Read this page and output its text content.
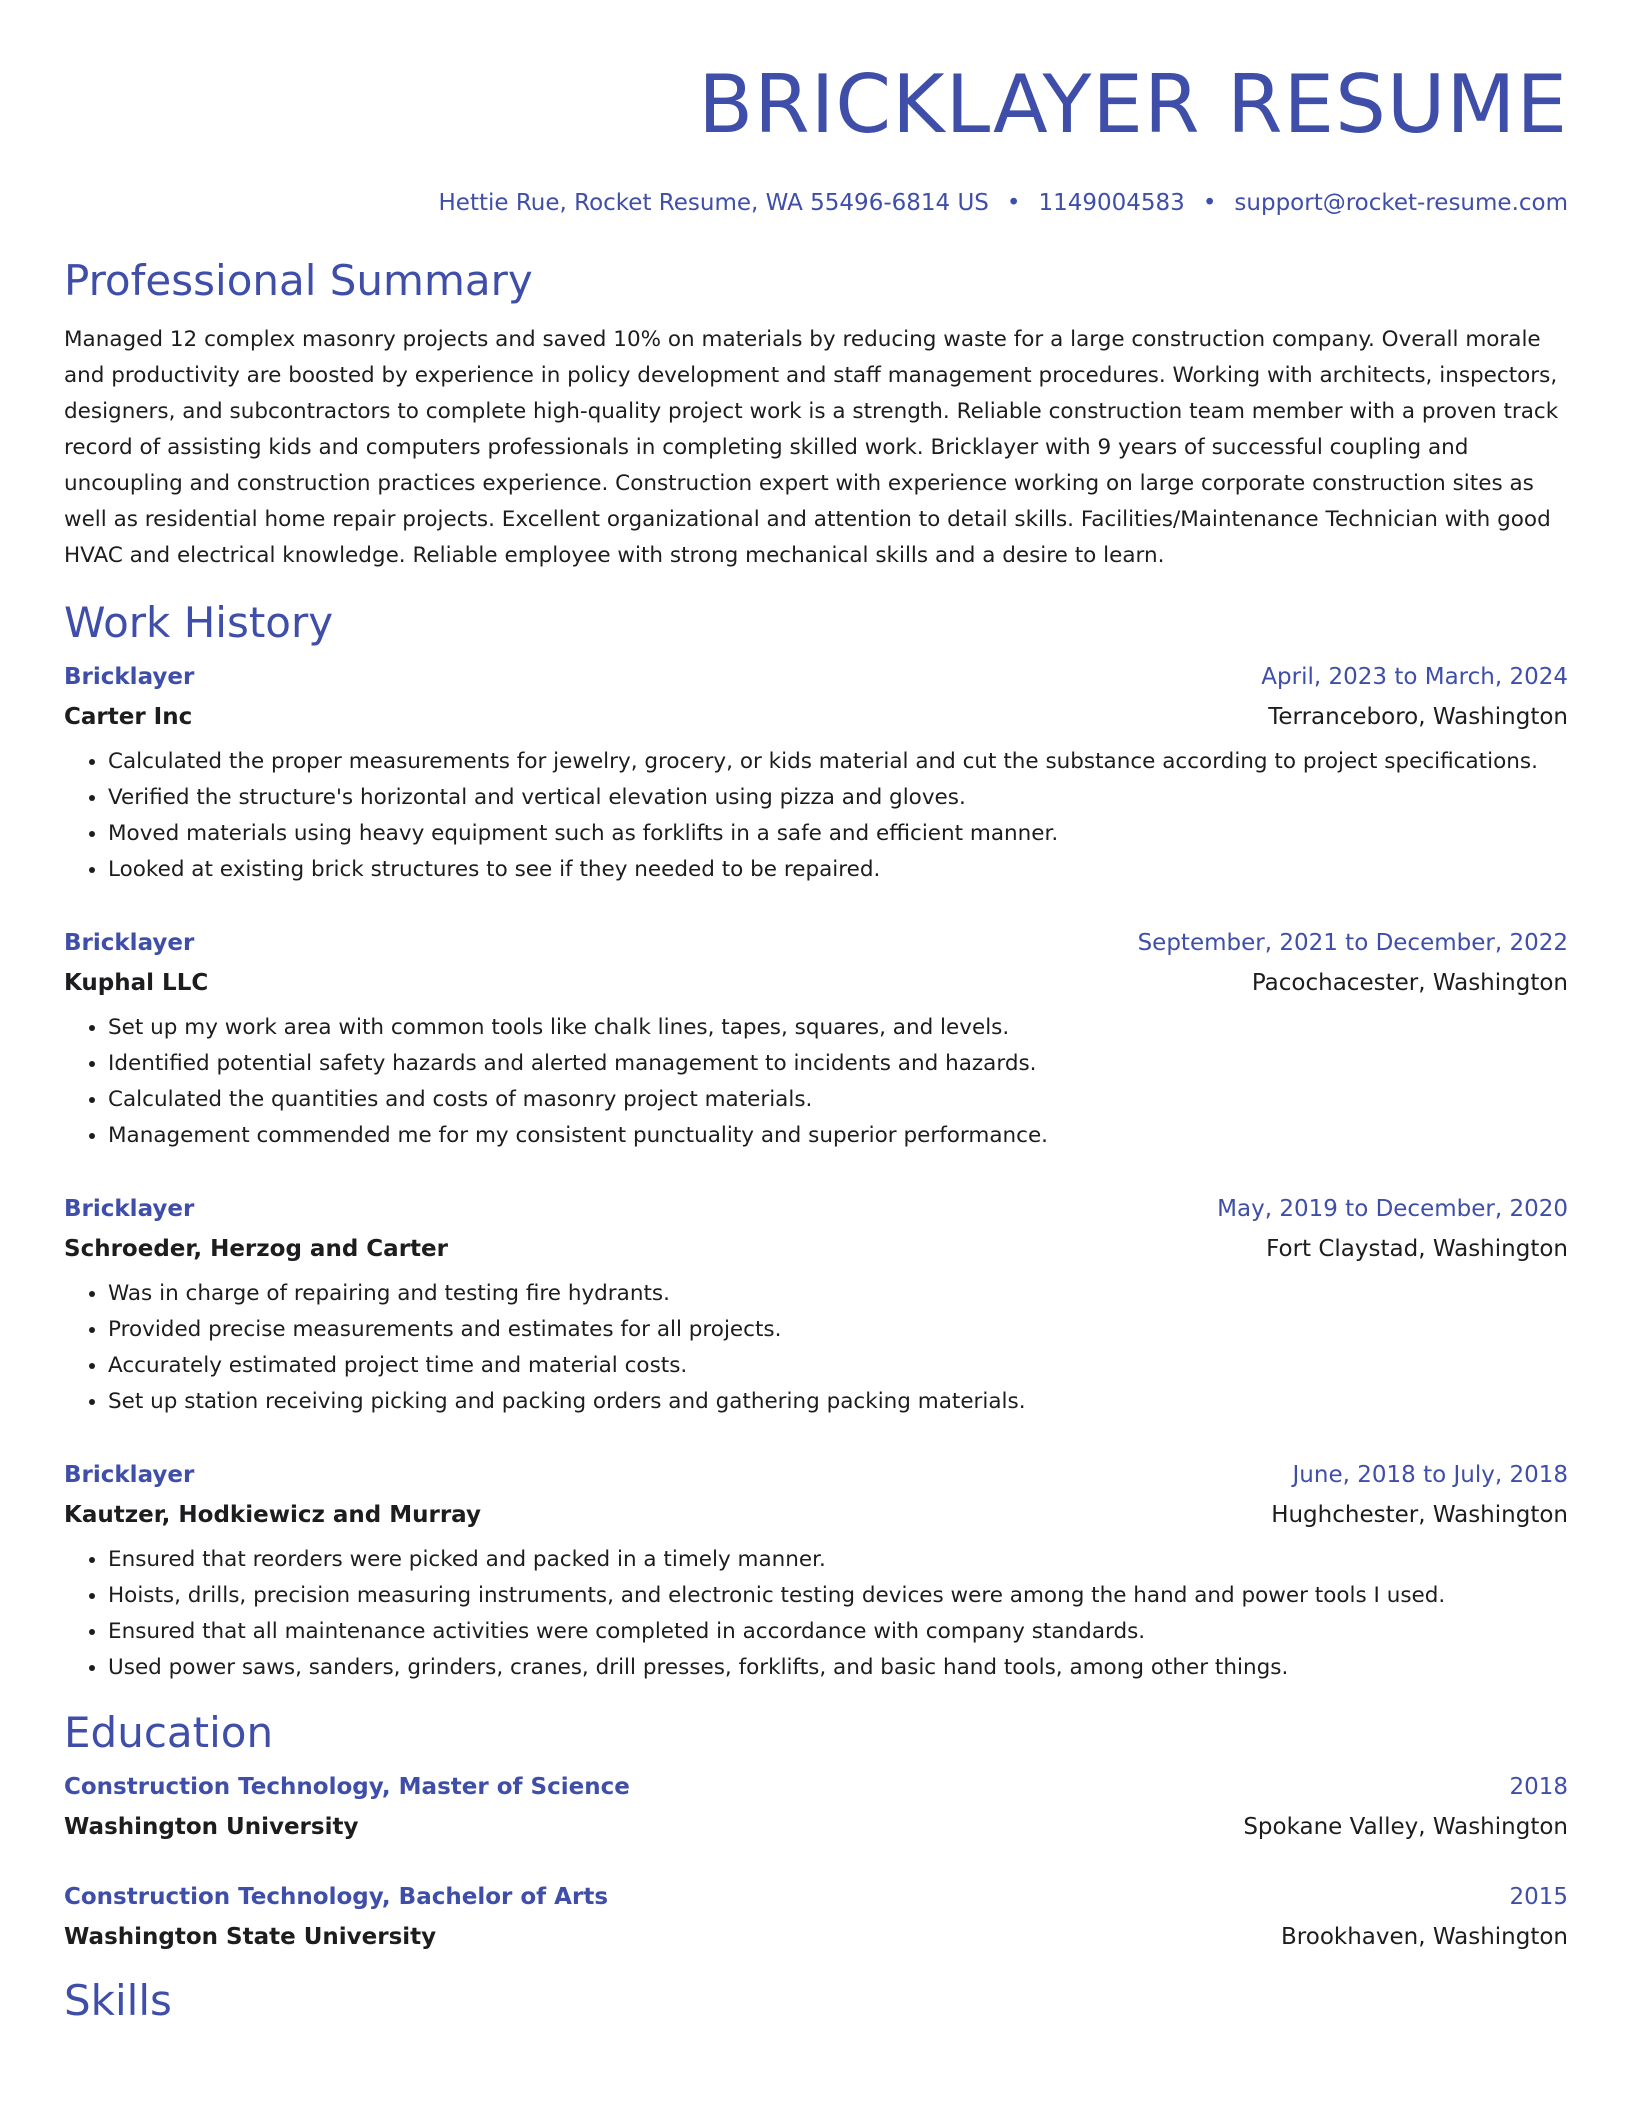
BRICKLAYER RESUME
Hettie Rue, Rocket Resume, WA 55496-6814 US • 1149004583 • support@rocket-resume.com
Professional Summary
Managed 12 complex masonry projects and saved 10% on materials by reducing waste for a large construction company. Overall morale and productivity are boosted by experience in policy development and staff management procedures. Working with architects, inspectors, designers, and subcontractors to complete high-quality project work is a strength. Reliable construction team member with a proven track record of assisting kids and computers professionals in completing skilled work. Bricklayer with 9 years of successful coupling and uncoupling and construction practices experience. Construction expert with experience working on large corporate construction sites as well as residential home repair projects. Excellent organizational and attention to detail skills. Facilities/Maintenance Technician with good HVAC and electrical knowledge. Reliable employee with strong mechanical skills and a desire to learn.
Work History
Bricklayer	April, 2023 to March, 2024
Carter Inc	Terranceboro, Washington
• Calculated the proper measurements for jewelry, grocery, or kids material and cut the substance according to project specifications.
• Verified the structure's horizontal and vertical elevation using pizza and gloves.
• Moved materials using heavy equipment such as forklifts in a safe and efficient manner.
• Looked at existing brick structures to see if they needed to be repaired.
Bricklayer	September, 2021 to December, 2022
Kuphal LLC	Pacochacester, Washington
• Set up my work area with common tools like chalk lines, tapes, squares, and levels.
• Identified potential safety hazards and alerted management to incidents and hazards.
• Calculated the quantities and costs of masonry project materials.
• Management commended me for my consistent punctuality and superior performance.
Bricklayer	May, 2019 to December, 2020
Schroeder, Herzog and Carter	Fort Claystad, Washington
• Was in charge of repairing and testing fire hydrants.
• Provided precise measurements and estimates for all projects.
• Accurately estimated project time and material costs.
• Set up station receiving picking and packing orders and gathering packing materials.
Bricklayer	June, 2018 to July, 2018
Kautzer, Hodkiewicz and Murray	Hughchester, Washington
• Ensured that reorders were picked and packed in a timely manner.
• Hoists, drills, precision measuring instruments, and electronic testing devices were among the hand and power tools I used.
• Ensured that all maintenance activities were completed in accordance with company standards.
• Used power saws, sanders, grinders, cranes, drill presses, forklifts, and basic hand tools, among other things.
Education
Construction Technology, Master of Science	2018
Washington University	Spokane Valley, Washington
Construction Technology, Bachelor of Arts	2015
Washington State University	Brookhaven, Washington
Skills
